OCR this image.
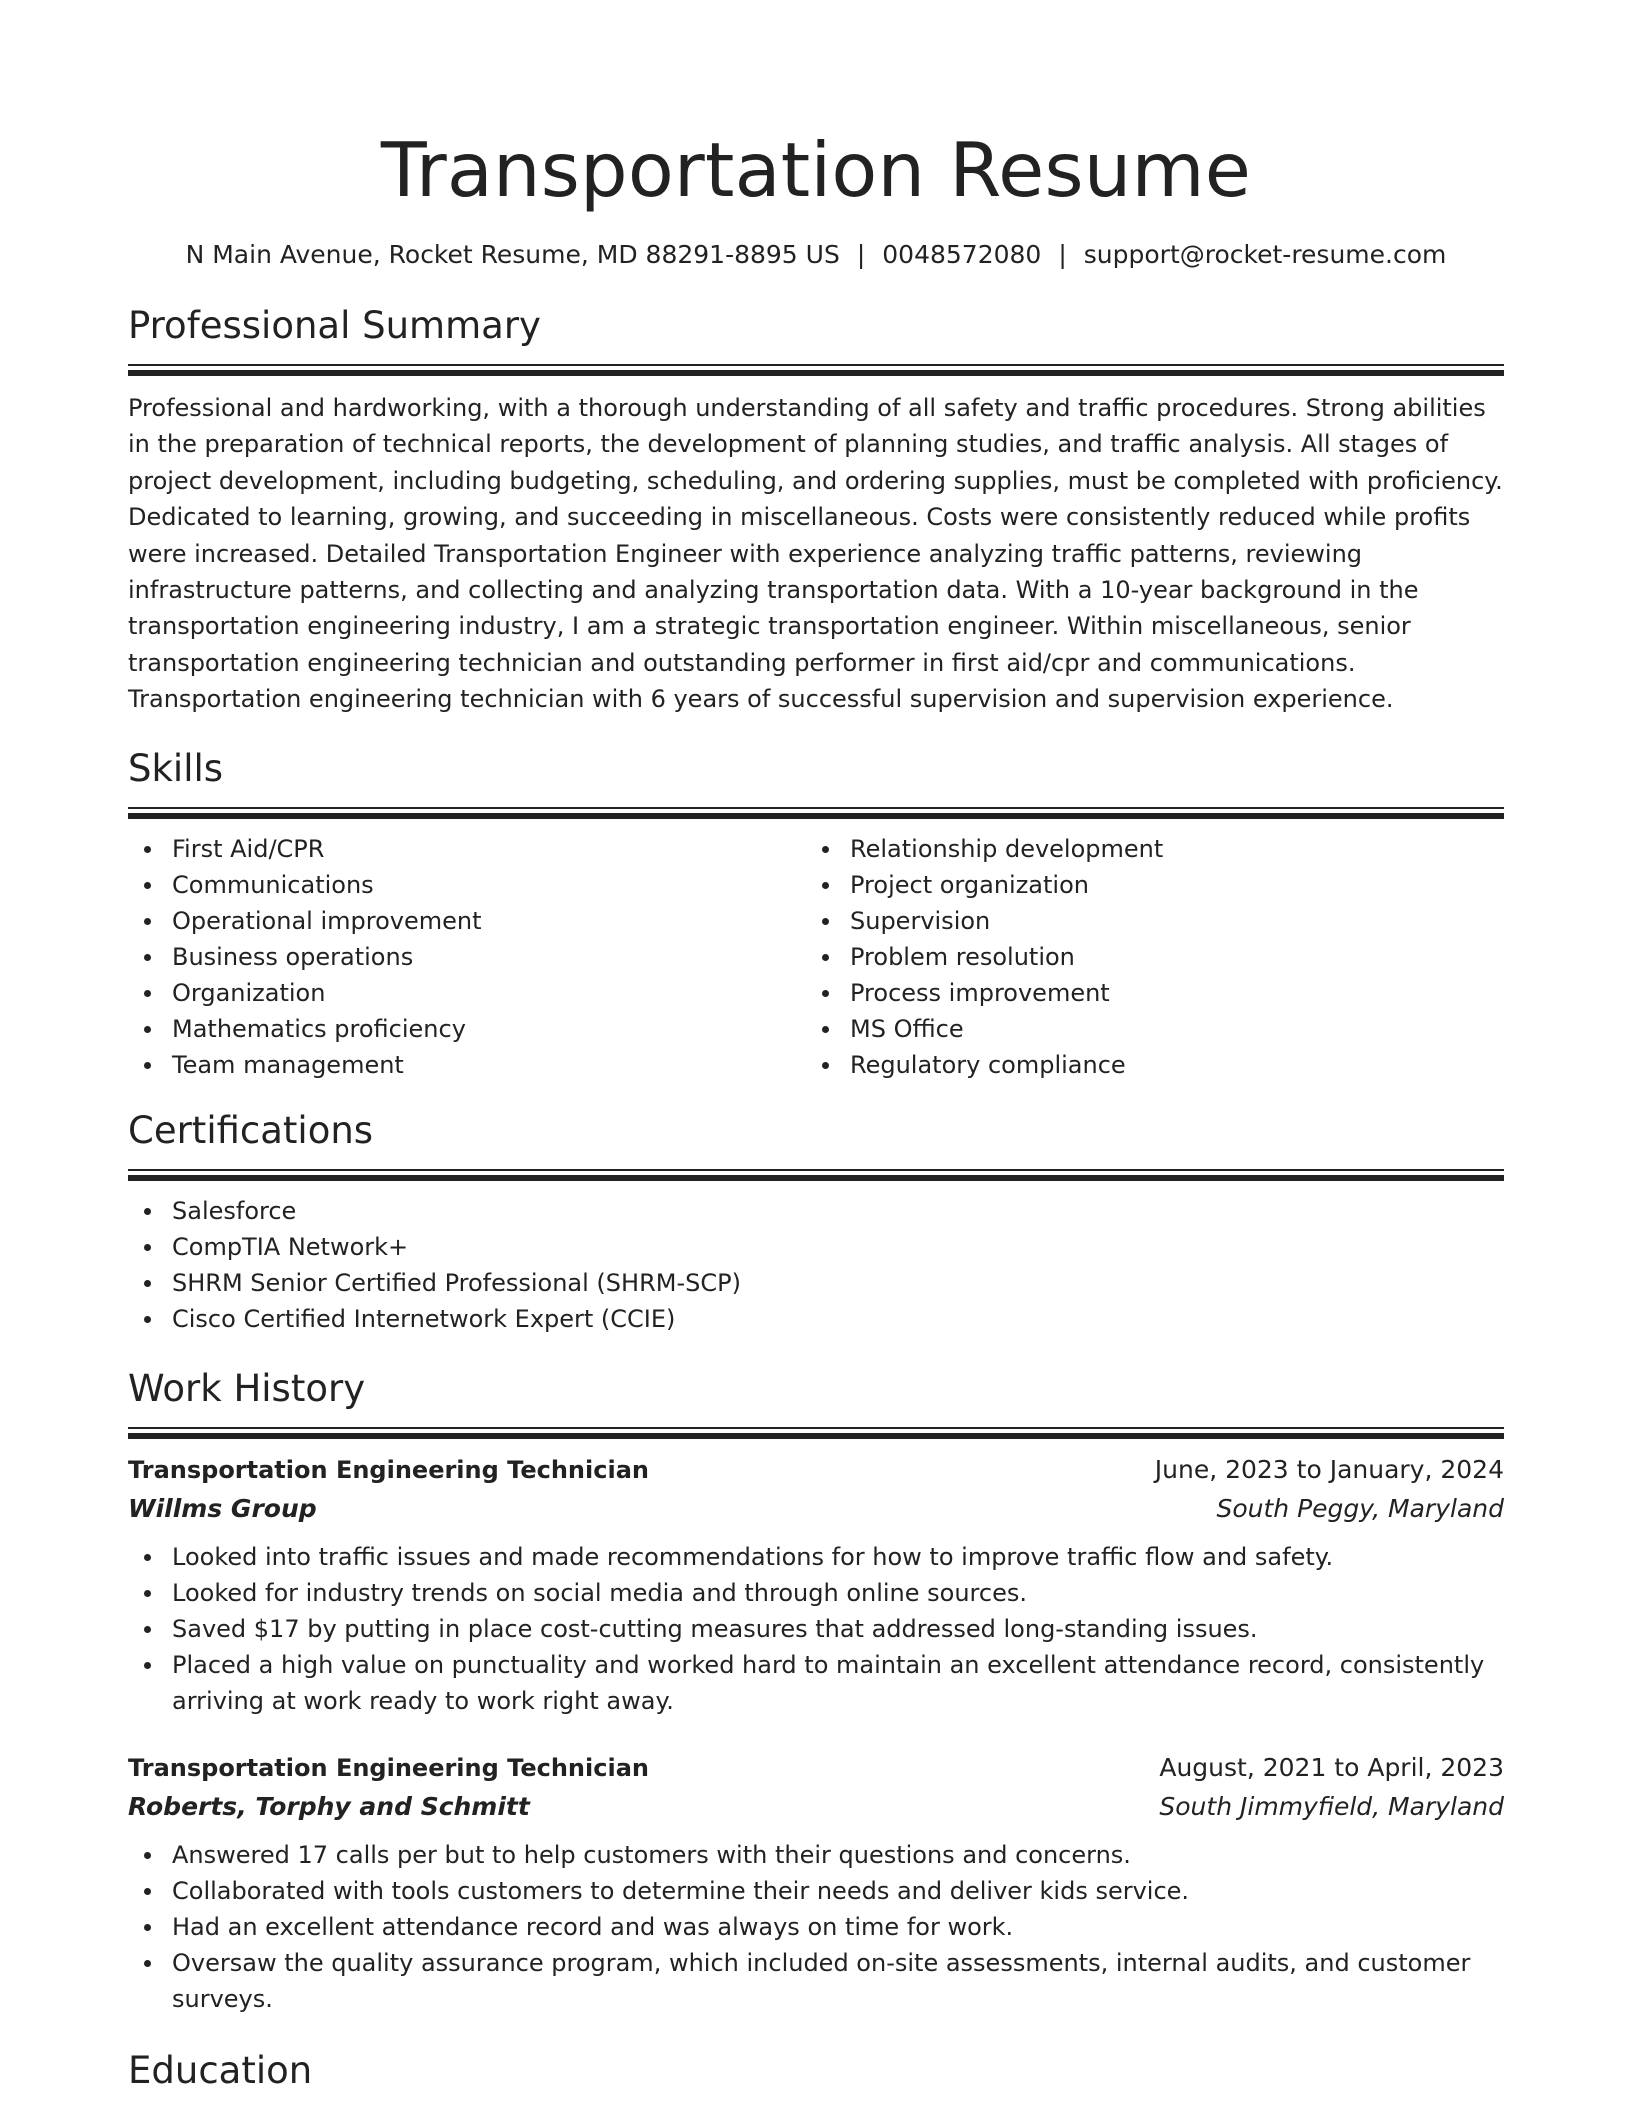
Transportation Resume
N Main Avenue, Rocket Resume, MD 88291-8895 US | 0048572080 | support@rocket-resume.com
Professional Summary
Professional and hardworking, with a thorough understanding of all safety and traffic procedures. Strong abilities in the preparation of technical reports, the development of planning studies, and traffic analysis. All stages of project development, including budgeting, scheduling, and ordering supplies, must be completed with proficiency. Dedicated to learning, growing, and succeeding in miscellaneous. Costs were consistently reduced while profits were increased. Detailed Transportation Engineer with experience analyzing traffic patterns, reviewing infrastructure patterns, and collecting and analyzing transportation data. With a 10-year background in the transportation engineering industry, I am a strategic transportation engineer. Within miscellaneous, senior transportation engineering technician and outstanding performer in first aid/cpr and communications. Transportation engineering technician with 6 years of successful supervision and supervision experience.
Skills
First Aid/CPR
Communications
Operational improvement
Business operations
Organization
Mathematics proficiency
Team management
Relationship development
Project organization
Supervision
Problem resolution
Process improvement
MS Office
Regulatory compliance
Certifications
Salesforce
CompTIA Network+
SHRM Senior Certified Professional (SHRM-SCP)
Cisco Certified Internetwork Expert (CCIE)
Work History
Transportation Engineering Technician	June, 2023 to January, 2024
Willms Group	South Peggy, Maryland
Looked into traffic issues and made recommendations for how to improve traffic flow and safety.
Looked for industry trends on social media and through online sources.
Saved $17 by putting in place cost-cutting measures that addressed long-standing issues.
Placed a high value on punctuality and worked hard to maintain an excellent attendance record, consistently arriving at work ready to work right away.
Transportation Engineering Technician	August, 2021 to April, 2023
Roberts, Torphy and Schmitt	South Jimmyfield, Maryland
Answered 17 calls per but to help customers with their questions and concerns.
Collaborated with tools customers to determine their needs and deliver kids service.
Had an excellent attendance record and was always on time for work.
Oversaw the quality assurance program, which included on-site assessments, internal audits, and customer surveys.
Education
